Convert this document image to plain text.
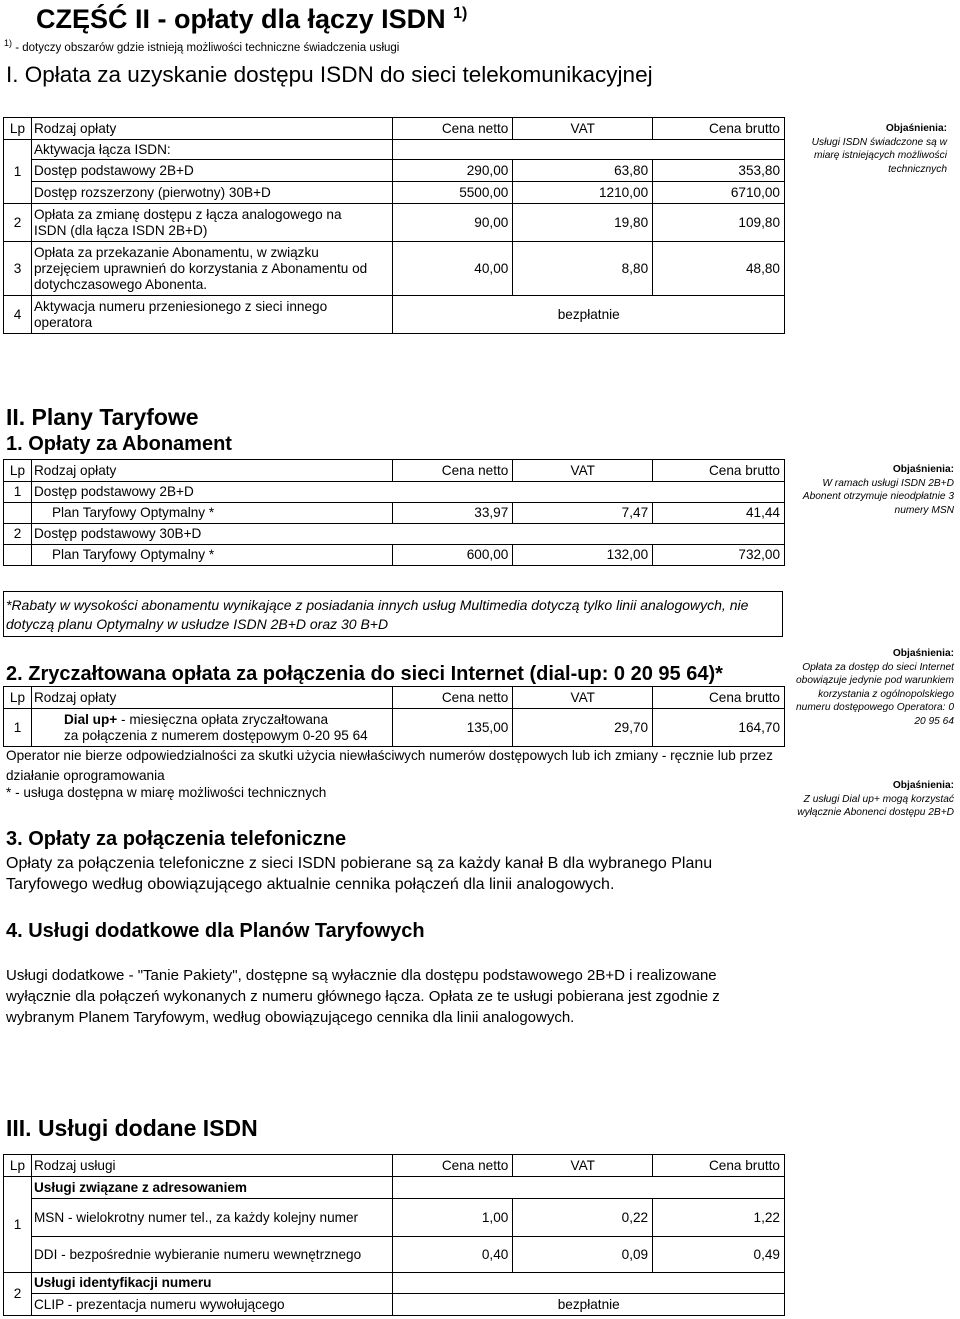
CZĘŚĆ II - opłaty dla łączy ISDN $^{1)}$
$^{1)}$ - dotyczy obszarów gdzie istnieją możliwości techniczne świadczenia usługi
I. Opłata za uzyskanie dostępu ISDN do sieci telekomunikacyjnej
Lp	Rodzaj opłaty	Cena netto	VAT	Cena brutto
1	Aktywacja łącza ISDN:			
	Dostęp podstawowy 2B+D	290,00	63,80	353,80
	Dostęp rozszerzony (pierwotny) 30B+D	5500,00	1210,00	6710,00
2	Opłata za zmianę dostępu z łącza analogowego na ISDN (dla łącza ISDN 2B+D)	90,00	19,80	109,80
3	Opłata za przekazanie Abonamentu, w związku przejęciem uprawnień do korzystania z Abonamentu od dotychczasowego Abonenta.	40,00	8,80	48,80
4	Aktywacja numeru przeniesionego z sieci innego operatora	bezpłatnie		
Objaśnienia:
Usługi ISDN świadczone są w miarę istniejących możliwości technicznych
II. Plany Taryfowe
1. Opłaty za Abonament
Lp	Rodzaj opłaty	Cena netto	VAT	Cena brutto
1	Dostęp podstawowy 2B+D			
	Plan Taryfowy Optymalny *	33,97	7,47	41,44
2	Dostęp podstawowy 30B+D			
	Plan Taryfowy Optymalny *	600,00	132,00	732,00
Objaśnienia:
W ramach usługi ISDN 2B+D Abonent otrzymuje nieodpłatnie 3 numery MSN
*Rabaty w wysokości abonamentu wynikające z posiadania innych usług Multimedia dotyczą tylko linii analogowych, nie dotyczą planu Optymalny w usłudze ISDN 2B+D oraz 30 B+D
2. Zryczałtowana opłata za połączenia do sieci Internet (dial-up: 0 20 95 64)*
Lp	Rodzaj opłaty	Cena netto	VAT	Cena brutto
1	Dial up+ - miesięczna opłata zryczałtowana
za połączenia z numerem dostępowym 0-20 95 64	135,00	29,70	164,70
Objaśnienia:
Opłata za dostęp do sieci Internet obowiązuje jedynie pod warunkiem korzystania z ogólnopolskiego numeru dostępowego Operatora: 0 20 95 64
Objaśnienia:
Z usługi Dial up+ mogą korzystać wyłącznie Abonenci dostępu 2B+D
Operator nie bierze odpowiedzialności za skutki użycia niewłaściwych numerów dostępowych lub ich zmiany - ręcznie lub przez działanie oprogramowania
* - usługa dostępna w miarę możliwości technicznych
3. Opłaty za połączenia telefoniczne
Opłaty za połączenia telefoniczne z sieci ISDN pobierane są za każdy kanał B dla wybranego Planu Taryfowego według obowiązującego aktualnie cennika połączeń dla linii analogowych.
4. Usługi dodatkowe dla Planów Taryfowych
Usługi dodatkowe - "Tanie Pakiety", dostępne są wyłacznie dla dostępu podstawowego 2B+D i realizowane wyłącznie dla połączeń wykonanych z numeru głównego łącza. Opłata ze te usługi pobierana jest zgodnie z wybranym Planem Taryfowym, według obowiązującego cennika dla linii analogowych.
III. Usługi dodane ISDN
Lp	Rodzaj usługi	Cena netto	VAT	Cena brutto
1	Usługi związane z adresowaniem			
	MSN - wielokrotny numer tel., za każdy kolejny numer	1,00	0,22	1,22
	DDI - bezpośrednie wybieranie numeru wewnętrznego	0,40	0,09	0,49
2	Usługi identyfikacji numeru			
	CLIP - prezentacja numeru wywołującego	bezpłatnie		
